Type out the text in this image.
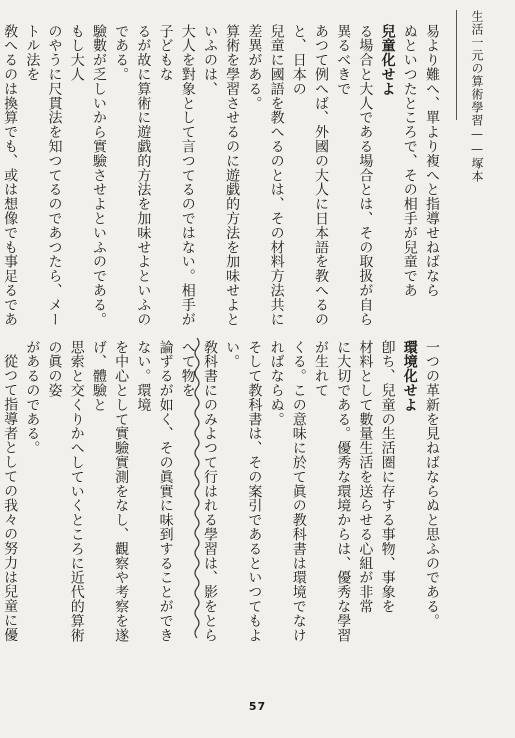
生活一元の算術學習——塚本
易より難へ、單より複へと指導せねばなら
ぬといつたところで、その相手が兒童であ
兒童化せよ
る場合と大人である場合とは、その取扱が自ら異るべきで
あつて例へば、外國の大人に日本語を教へるのと、日本の
兒童に國語を教へるのとは、その材料方法共に差異がある。
算術を學習させるのに遊戯的方法を加味せよといふのは、
大人を對象として言つてるのではない。相手が子どもな
るが故に算術に遊戯的方法を加味せよといふのである。
驗數が乏しいから實驗させよといふのである。もし大人
のやうに尺貫法を知つてるのであつたら、メートル法を
敎へるのは換算でも、或は想像でも事足るであ
一つの革新を見ねばならぬと思ふのである。
環境化せよ
卽ち、兒童の生活圏に存する事物、事象を
材料として數量生活を送らせる心組が非常
に大切である。優秀な環境からは、優秀な學習が生れて
くる。この意味に於て眞の教科書は環境でなければならぬ。
そして教科書は、その案引であるといつてもよい。
敎科書にのみよつて行はれる學習は、影をとらへて物を
論ずるが如く、その眞實に味到することができない。環境
を中心として實驗實測をなし、觀察や考察を遂げ、體驗と
思索と交くりかへしていくところに近代的算術の眞の姿
があるのである。
從つて指導者としての我々の努力は兒童に優
57
